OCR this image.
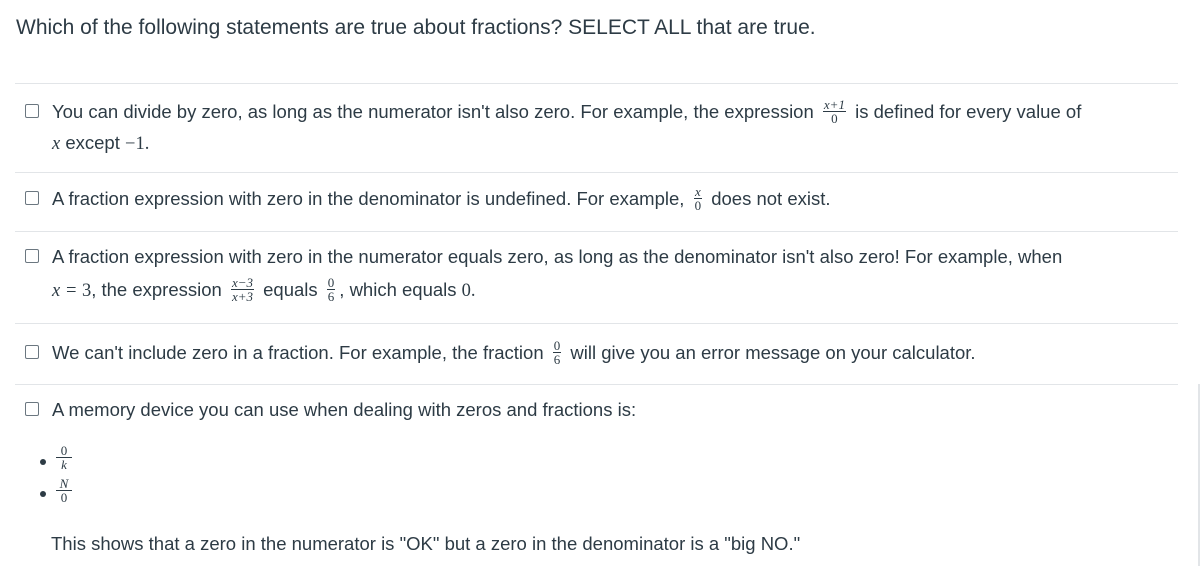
Which of the following statements are true about fractions? SELECT ALL that are true.
You can divide by zero, as long as the numerator isn't also zero. For example, the expression $\frac{x+1}{0}$ is defined for every value of
x except −1.
A fraction expression with zero in the denominator is undefined. For example, $\frac{x}{0}$ does not exist.
A fraction expression with zero in the numerator equals zero, as long as the denominator isn't also zero! For example, when
x = 3, the expression $\frac{x-3}{x+3}$ equals $\frac{0}{6}$ , which equals 0.
We can't include zero in a fraction. For example, the fraction $\frac{0}{6}$ will give you an error message on your calculator.
A memory device you can use when dealing with zeros and fractions is:
$\frac{0}{k}$
$\frac{N}{0}$
This shows that a zero in the numerator is "OK" but a zero in the denominator is a "big NO."
